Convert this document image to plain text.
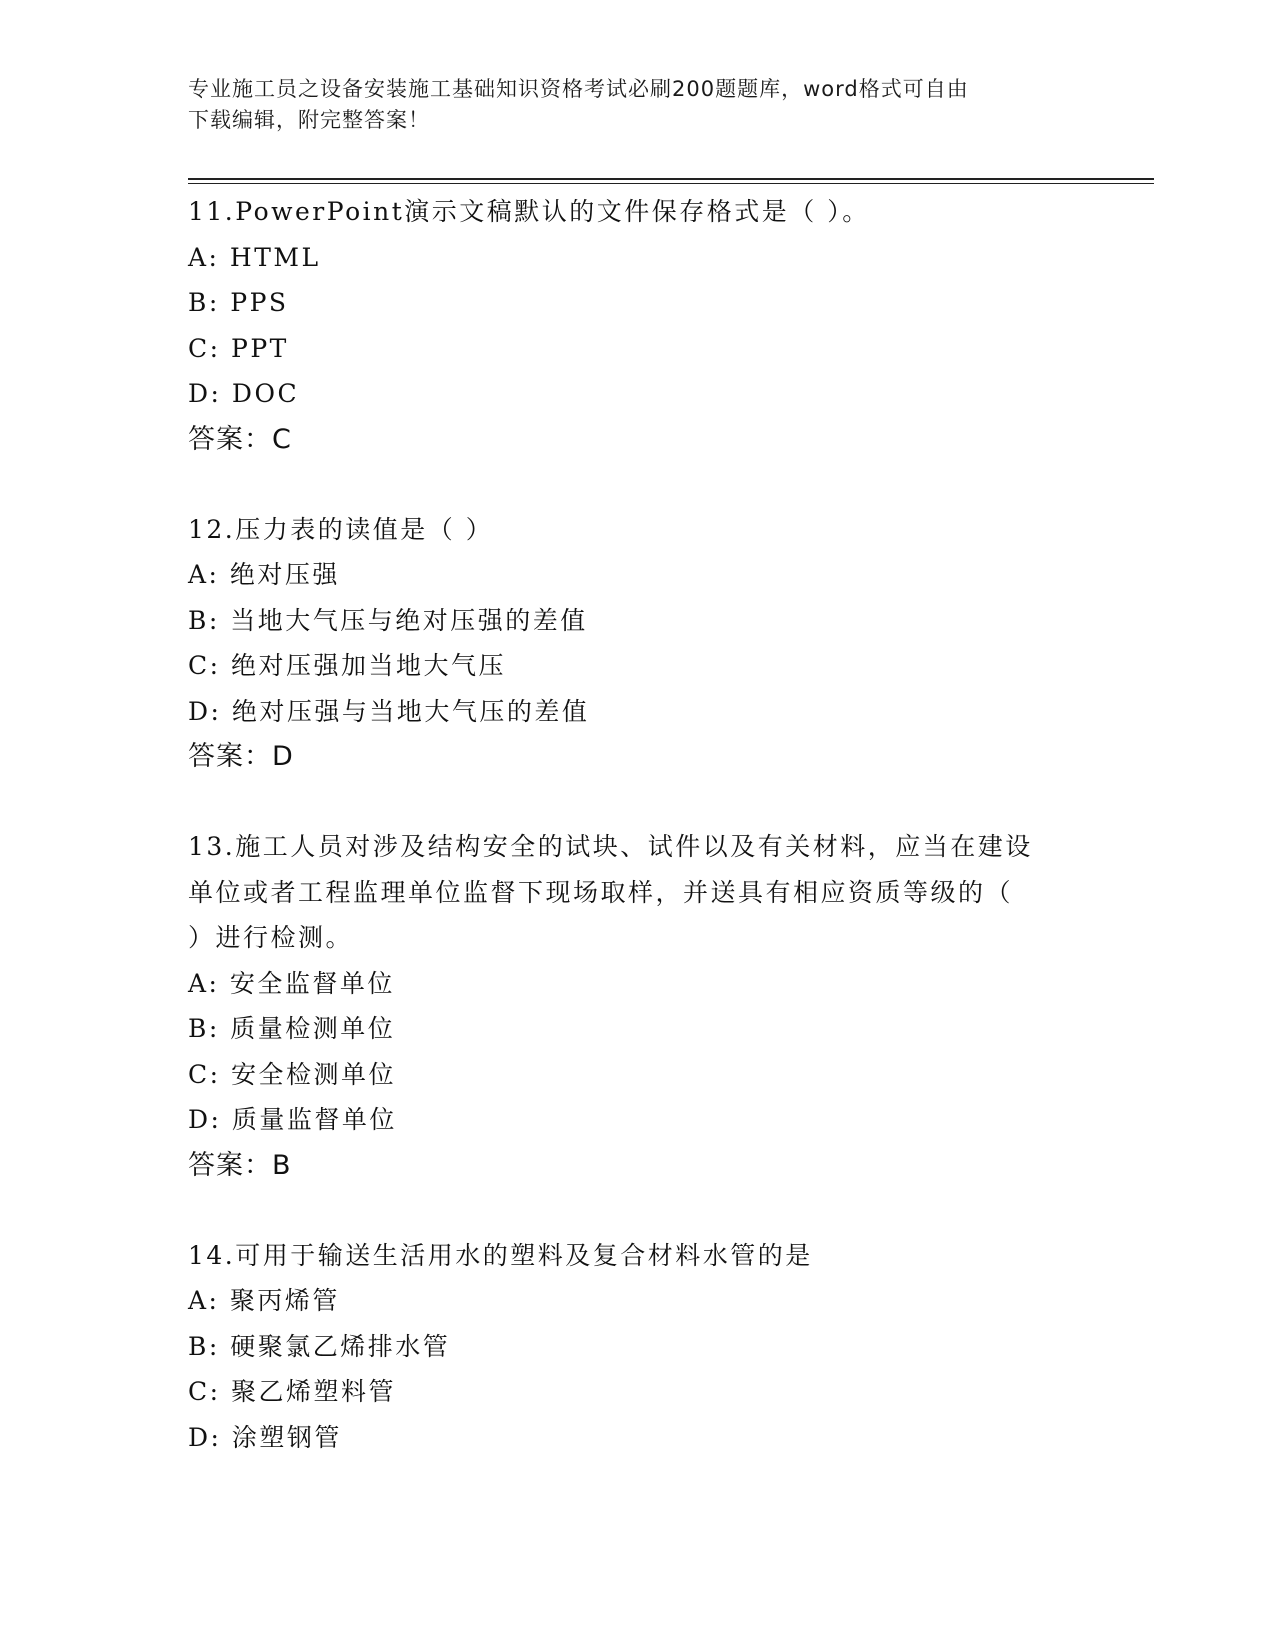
专业施工员之设备安装施工基础知识资格考试必刷200题题库，word格式可自由
下载编辑，附完整答案！
11.PowerPoint演示文稿默认的文件保存格式是（ ）。
A: HTML
B: PPS
C: PPT
D: DOC
答案：C
12.压力表的读值是（ ）
A: 绝对压强
B: 当地大气压与绝对压强的差值
C: 绝对压强加当地大气压
D: 绝对压强与当地大气压的差值
答案：D
13.施工人员对涉及结构安全的试块、试件以及有关材料，应当在建设
单位或者工程监理单位监督下现场取样，并送具有相应资质等级的（
）进行检测。
A: 安全监督单位
B: 质量检测单位
C: 安全检测单位
D: 质量监督单位
答案：B
14.可用于输送生活用水的塑料及复合材料水管的是
A: 聚丙烯管
B: 硬聚氯乙烯排水管
C: 聚乙烯塑料管
D: 涂塑钢管
